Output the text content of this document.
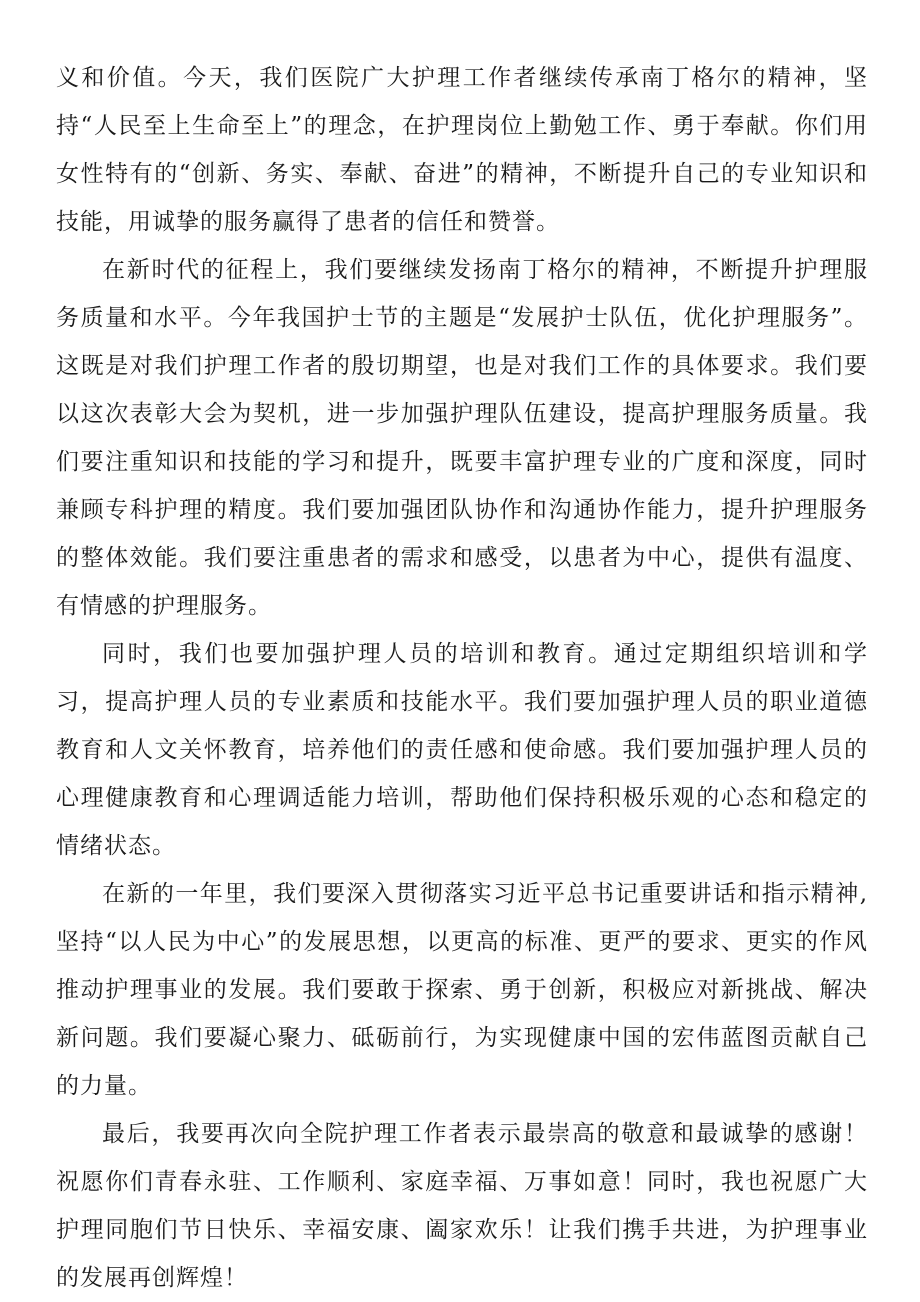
义和价值。今天，我们医院广大护理工作者继续传承南丁格尔的精神，坚持“人民至上生命至上”的理念，在护理岗位上勤勉工作、勇于奉献。你们用女性特有的“创新、务实、奉献、奋进”的精神，不断提升自己的专业知识和技能，用诚挚的服务赢得了患者的信任和赞誉。

在新时代的征程上，我们要继续发扬南丁格尔的精神，不断提升护理服务质量和水平。今年我国护士节的主题是“发展护士队伍，优化护理服务”。这既是对我们护理工作者的殷切期望，也是对我们工作的具体要求。我们要以这次表彰大会为契机，进一步加强护理队伍建设，提高护理服务质量。我们要注重知识和技能的学习和提升，既要丰富护理专业的广度和深度，同时兼顾专科护理的精度。我们要加强团队协作和沟通协作能力，提升护理服务的整体效能。我们要注重患者的需求和感受，以患者为中心，提供有温度、有情感的护理服务。

同时，我们也要加强护理人员的培训和教育。通过定期组织培训和学习，提高护理人员的专业素质和技能水平。我们要加强护理人员的职业道德教育和人文关怀教育，培养他们的责任感和使命感。我们要加强护理人员的心理健康教育和心理调适能力培训，帮助他们保持积极乐观的心态和稳定的情绪状态。

在新的一年里，我们要深入贯彻落实习近平总书记重要讲话和指示精神,坚持“以人民为中心”的发展思想，以更高的标准、更严的要求、更实的作风推动护理事业的发展。我们要敢于探索、勇于创新，积极应对新挑战、解决新问题。我们要凝心聚力、砥砺前行，为实现健康中国的宏伟蓝图贡献自己的力量。

最后，我要再次向全院护理工作者表示最崇高的敬意和最诚挚的感谢！祝愿你们青春永驻、工作顺利、家庭幸福、万事如意！同时，我也祝愿广大护理同胞们节日快乐、幸福安康、阖家欢乐！让我们携手共进，为护理事业的发展再创辉煌！
